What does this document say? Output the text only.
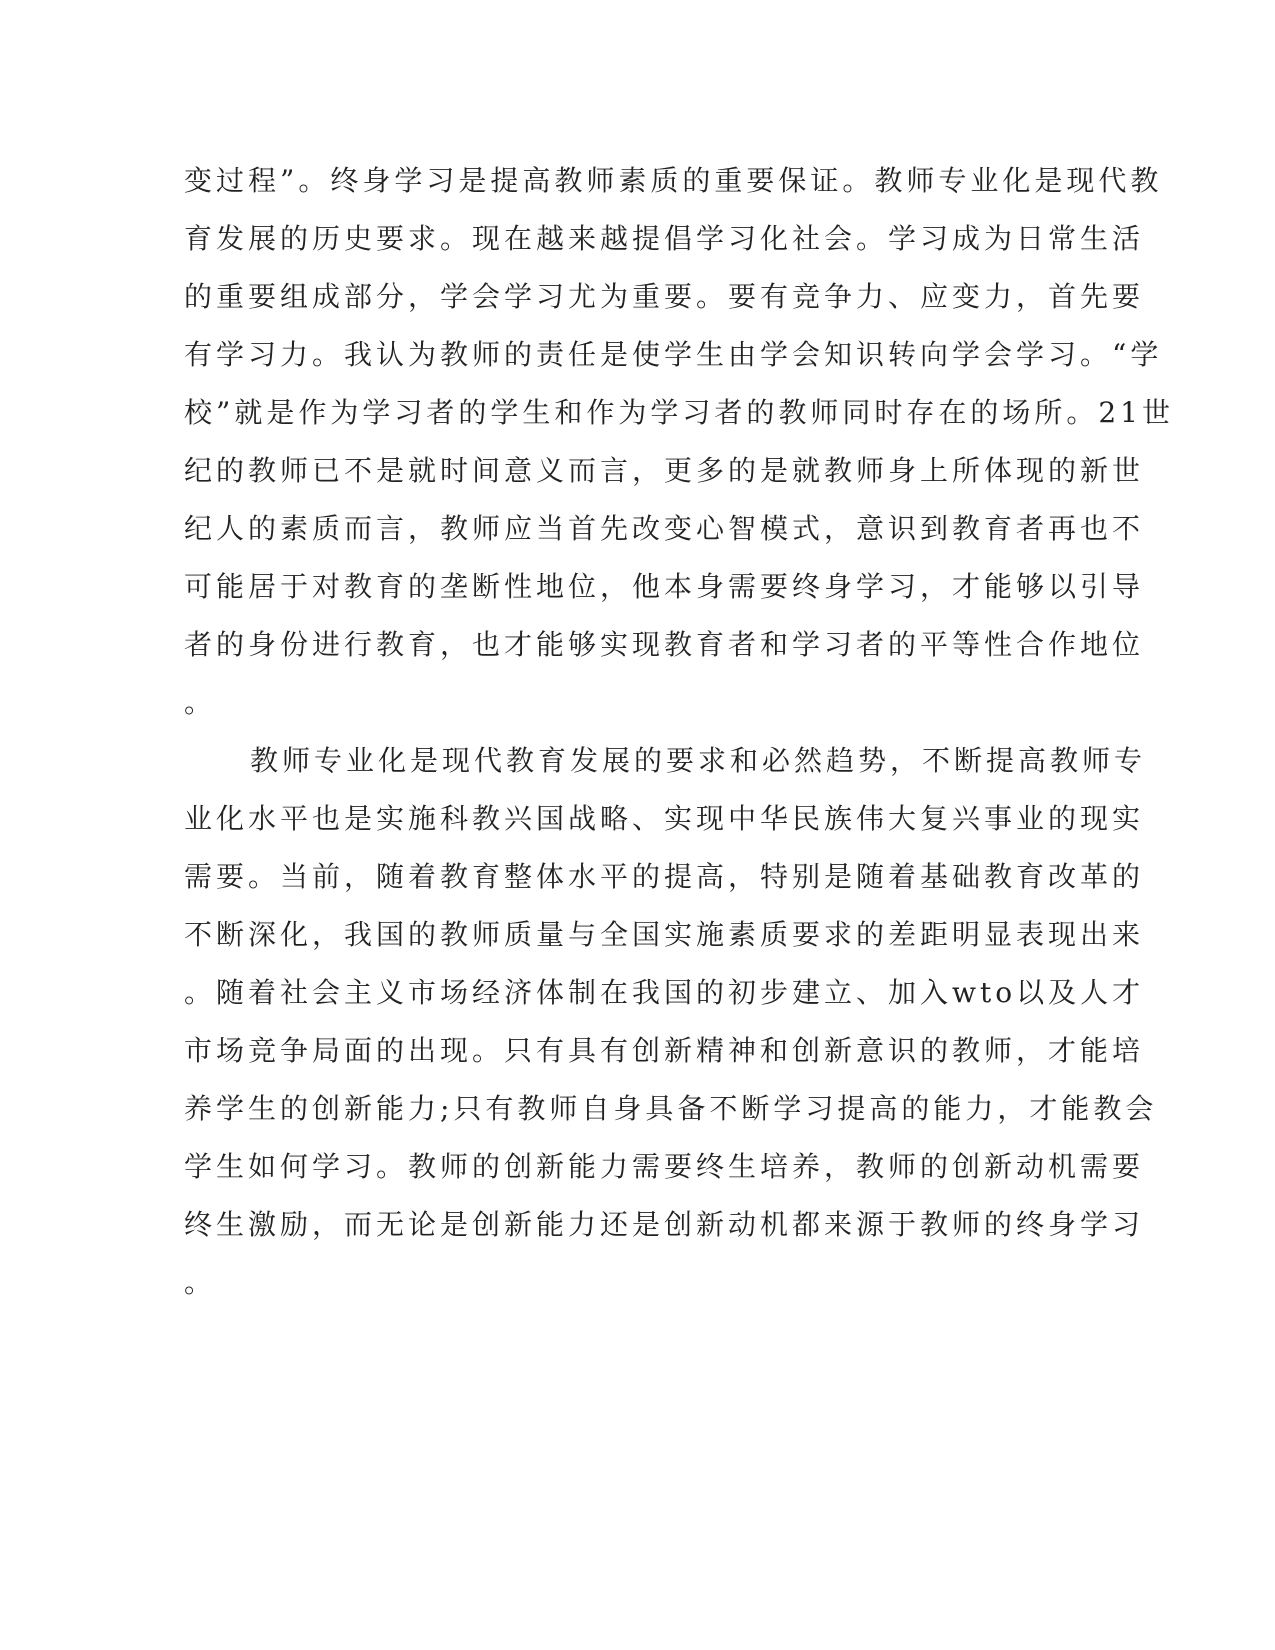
变过程”。终身学习是提高教师素质的重要保证。教师专业化是现代教
育发展的历史要求。现在越来越提倡学习化社会。学习成为日常生活
的重要组成部分，学会学习尤为重要。要有竞争力、应变力，首先要
有学习力。我认为教师的责任是使学生由学会知识转向学会学习。“学
校”就是作为学习者的学生和作为学习者的教师同时存在的场所。21世
纪的教师已不是就时间意义而言，更多的是就教师身上所体现的新世
纪人的素质而言，教师应当首先改变心智模式，意识到教育者再也不
可能居于对教育的垄断性地位，他本身需要终身学习，才能够以引导
者的身份进行教育，也才能够实现教育者和学习者的平等性合作地位
。
教师专业化是现代教育发展的要求和必然趋势，不断提高教师专
业化水平也是实施科教兴国战略、实现中华民族伟大复兴事业的现实
需要。当前，随着教育整体水平的提高，特别是随着基础教育改革的
不断深化，我国的教师质量与全国实施素质要求的差距明显表现出来
。随着社会主义市场经济体制在我国的初步建立、加入wto以及人才
市场竞争局面的出现。只有具有创新精神和创新意识的教师，才能培
养学生的创新能力;只有教师自身具备不断学习提高的能力，才能教会
学生如何学习。教师的创新能力需要终生培养，教师的创新动机需要
终生激励，而无论是创新能力还是创新动机都来源于教师的终身学习
。
